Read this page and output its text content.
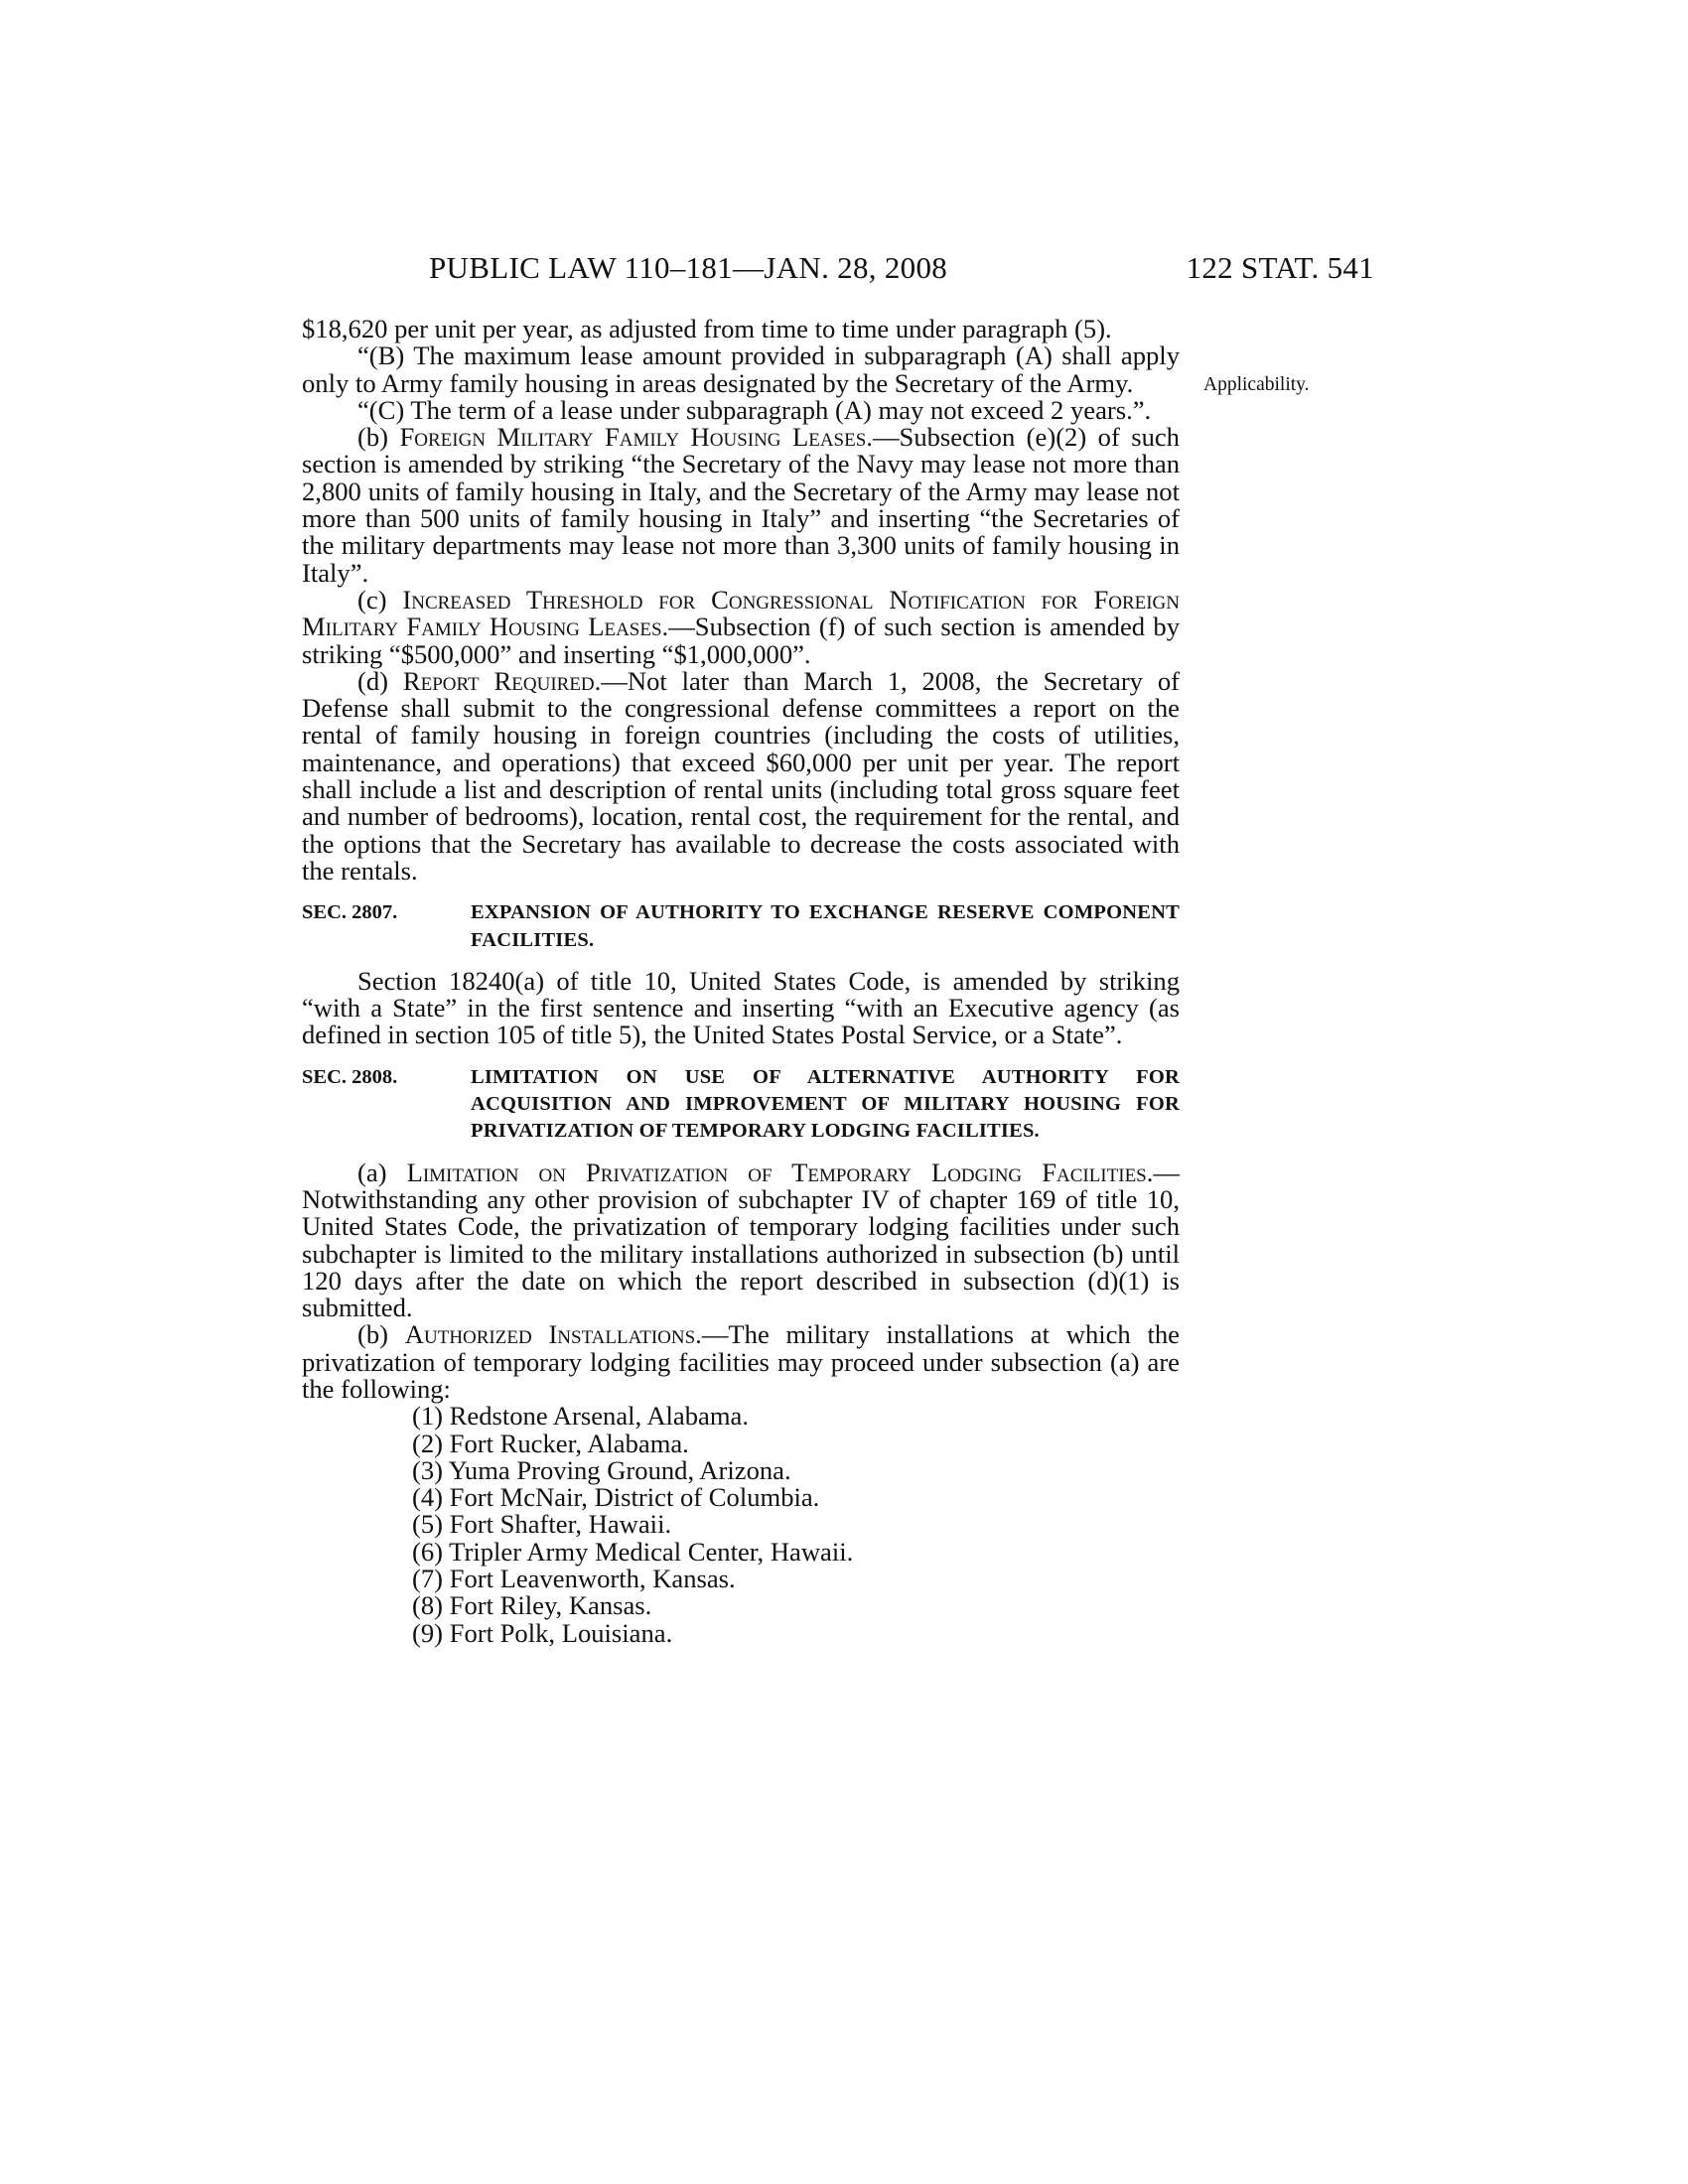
PUBLIC LAW 110–181—JAN. 28, 2008	122 STAT. 541
Applicability.

$18,620 per unit per year, as adjusted from time to time under paragraph (5).

“(B) The maximum lease amount provided in subparagraph (A) shall apply only to Army family housing in areas designated by the Secretary of the Army.

“(C) The term of a lease under subparagraph (A) may not exceed 2 years.”.

(b) Foreign Military Family Housing Leases.—Subsection (e)(2) of such section is amended by striking “the Secretary of the Navy may lease not more than 2,800 units of family housing in Italy, and the Secretary of the Army may lease not more than 500 units of family housing in Italy” and inserting “the Secretaries of the military departments may lease not more than 3,300 units of family housing in Italy”.

(c) Increased Threshold for Congressional Notification for Foreign Military Family Housing Leases.—Subsection (f) of such section is amended by striking “$500,000” and inserting “$1,000,000”.

(d) Report Required.—Not later than March 1, 2008, the Secretary of Defense shall submit to the congressional defense committees a report on the rental of family housing in foreign countries (including the costs of utilities, maintenance, and operations) that exceed $60,000 per unit per year. The report shall include a list and description of rental units (including total gross square feet and number of bedrooms), location, rental cost, the requirement for the rental, and the options that the Secretary has available to decrease the costs associated with the rentals.

SEC. 2807.	EXPANSION OF AUTHORITY TO EXCHANGE RESERVE COMPONENT FACILITIES.

Section 18240(a) of title 10, United States Code, is amended by striking “with a State” in the first sentence and inserting “with an Executive agency (as defined in section 105 of title 5), the United States Postal Service, or a State”.

SEC. 2808.	LIMITATION ON USE OF ALTERNATIVE AUTHORITY FOR ACQUISITION AND IMPROVEMENT OF MILITARY HOUSING FOR PRIVATIZATION OF TEMPORARY LODGING FACILITIES.

(a) Limitation on Privatization of Temporary Lodging Facilities.—Notwithstanding any other provision of subchapter IV of chapter 169 of title 10, United States Code, the privatization of temporary lodging facilities under such subchapter is limited to the military installations authorized in subsection (b) until 120 days after the date on which the report described in subsection (d)(1) is submitted.

(b) Authorized Installations.—The military installations at which the privatization of temporary lodging facilities may proceed under subsection (a) are the following:

(1) Redstone Arsenal, Alabama.
(2) Fort Rucker, Alabama.
(3) Yuma Proving Ground, Arizona.
(4) Fort McNair, District of Columbia.
(5) Fort Shafter, Hawaii.
(6) Tripler Army Medical Center, Hawaii.
(7) Fort Leavenworth, Kansas.
(8) Fort Riley, Kansas.
(9) Fort Polk, Louisiana.
